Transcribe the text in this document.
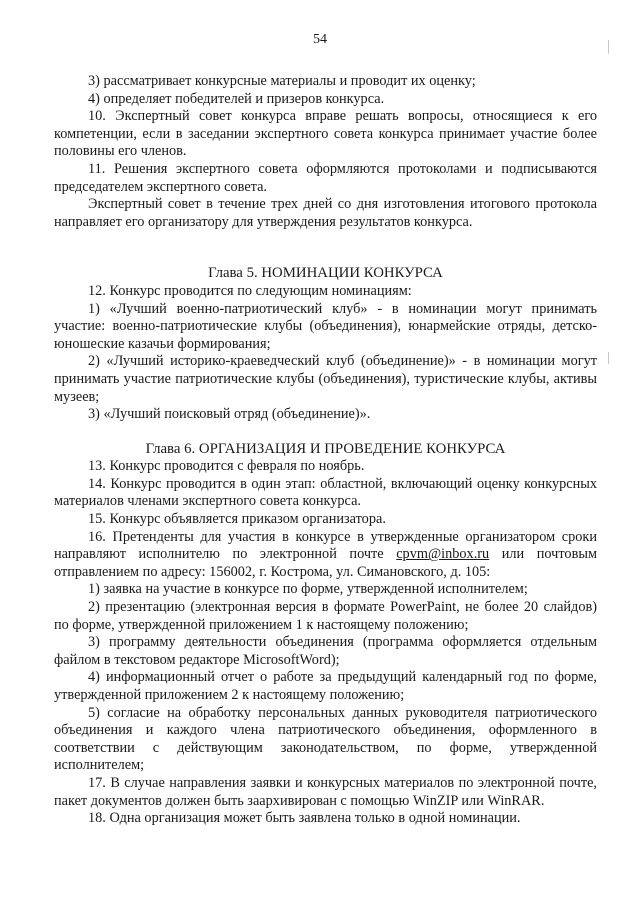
54

3) рассматривает конкурсные материалы и проводит их оценку;

4) определяет победителей и призеров конкурса.

10. Экспертный совет конкурса вправе решать вопросы, относящиеся к его компетенции, если в заседании экспертного совета конкурса принимает участие более половины его членов.

11. Решения экспертного совета оформляются протоколами и подписываются председателем экспертного совета.

Экспертный совет в течение трех дней со дня изготовления итогового протокола направляет его организатору для утверждения результатов конкурса.

Глава 5. НОМИНАЦИИ КОНКУРСА

12. Конкурс проводится по следующим номинациям:

1) «Лучший военно-патриотический клуб» - в номинации могут принимать участие: военно-патриотические клубы (объединения), юнармейские отряды, детско-юношеские казачьи формирования;

2) «Лучший историко-краеведческий клуб (объединение)» - в номинации могут принимать участие патриотические клубы (объединения), туристические клубы, активы музеев;

3) «Лучший поисковый отряд (объединение)».

Глава 6. ОРГАНИЗАЦИЯ И ПРОВЕДЕНИЕ КОНКУРСА

13. Конкурс проводится с февраля по ноябрь.

14. Конкурс проводится в один этап: областной, включающий оценку конкурсных материалов членами экспертного совета конкурса.

15. Конкурс объявляется приказом организатора.

16. Претенденты для участия в конкурсе в утвержденные организатором сроки направляют исполнителю по электронной почте cpvm@inbox.ru или почтовым отправлением по адресу: 156002, г. Кострома, ул. Симановского, д. 105:

1) заявка на участие в конкурсе по форме, утвержденной исполнителем;

2) презентацию (электронная версия в формате PowerPaint, не более 20 слайдов) по форме, утвержденной приложением 1 к настоящему положению;

3) программу деятельности объединения (программа оформляется отдельным файлом в текстовом редакторе MicrosoftWord);

4) информационный отчет о работе за предыдущий календарный год по форме, утвержденной приложением 2 к настоящему положению;

5) согласие на обработку персональных данных руководителя патриотического объединения и каждого члена патриотического объединения, оформленного в соответствии с действующим законодательством, по форме, утвержденной исполнителем;

17. В случае направления заявки и конкурсных материалов по электронной почте, пакет документов должен быть заархивирован с помощью WinZIP или WinRAR.

18. Одна организация может быть заявлена только в одной номинации.
